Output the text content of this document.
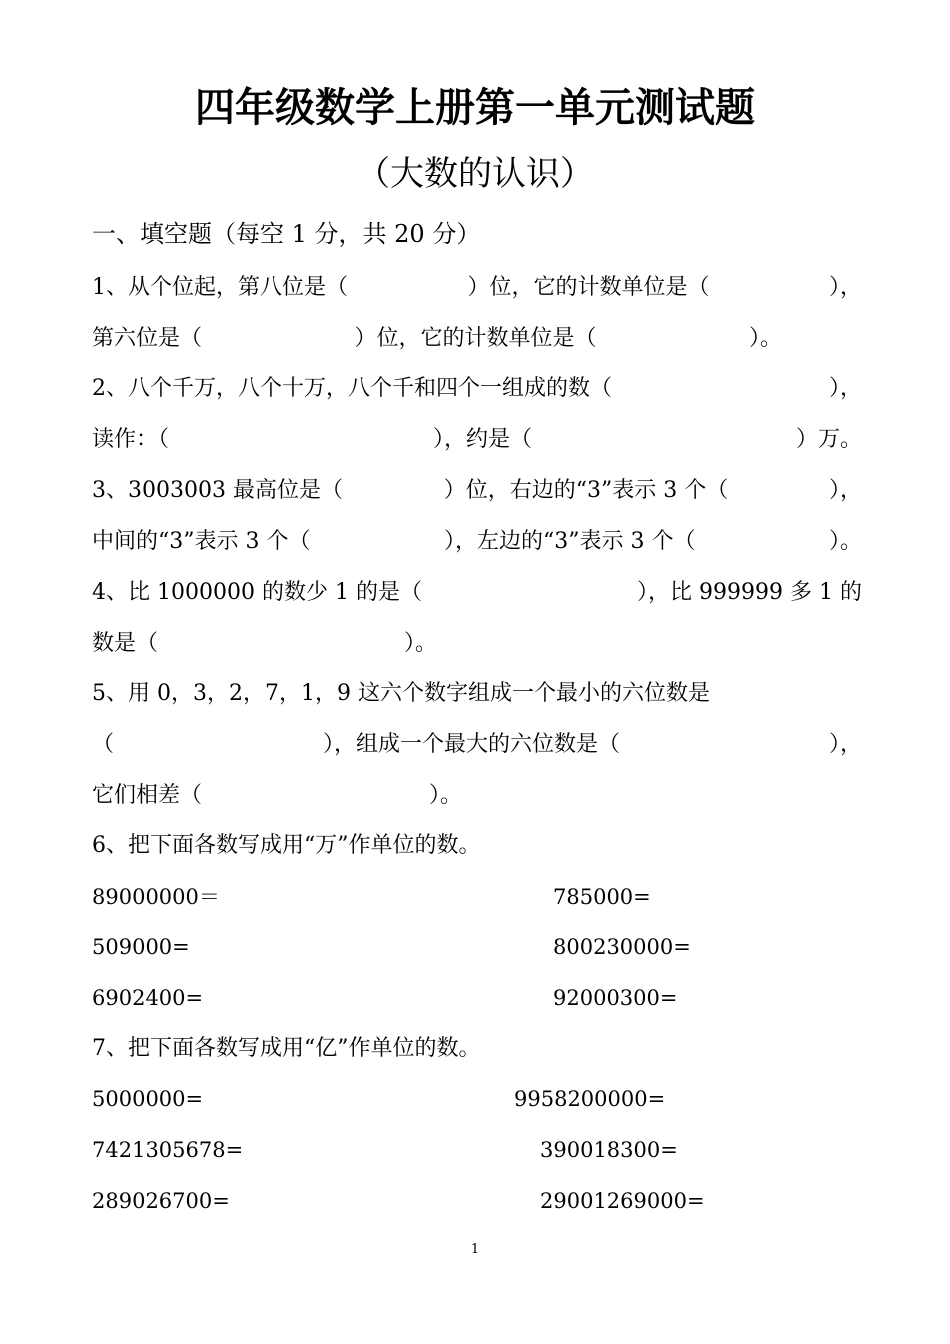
四年级数学上册第一单元测试题
（大数的认识）
一、填空题（每空 1 分，共 20 分）
1、从个位起，第八位是（	）位，它的计数单位是（	），
第六位是（	）位，它的计数单位是（	）。
2、八个千万，八个十万，八个千和四个一组成的数（	），
读作：（	），约是（	）万。
3、3003003 最高位是（	）位，右边的“3”表示 3 个（	），
中间的“3”表示 3 个（	），左边的“3”表示 3 个（	）。
4、比 1000000 的数少 1 的是（	），比 999999 多 1 的
数是（	）。
5、用 0，3，2，7，1，9 这六个数字组成一个最小的六位数是
（	），组成一个最大的六位数是（	），
它们相差（	）。
6、把下面各数写成用“万”作单位的数。
89000000＝	785000=
509000=	800230000=
6902400=	92000300=
7、把下面各数写成用“亿”作单位的数。
5000000=	9958200000=
7421305678=	390018300=
289026700=	29001269000=
1
